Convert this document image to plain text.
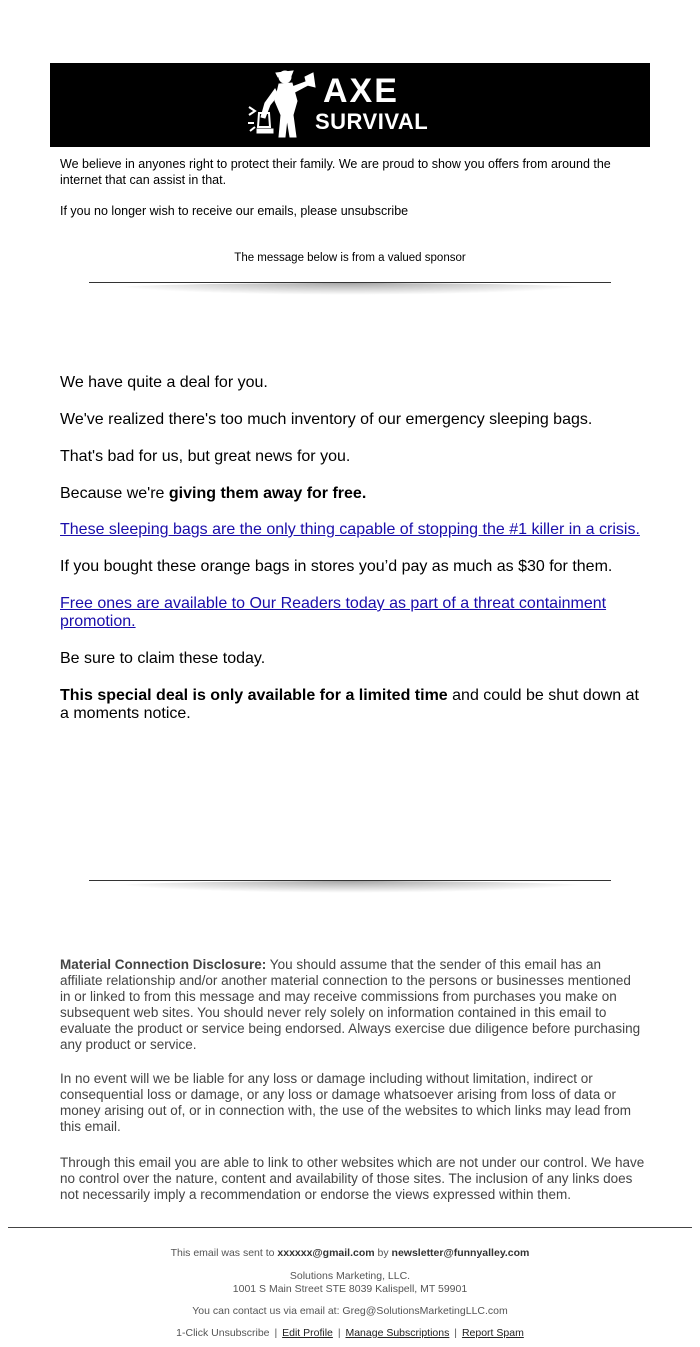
AXE
SURVIVAL

We believe in anyones right to protect their family. We are proud to show you offers from around the internet that can assist in that.

If you no longer wish to receive our emails, please unsubscribe
The message below is from a valued sponsor
We have quite a deal for you.
We've realized there's too much inventory of our emergency sleeping bags.
That's bad for us, but great news for you.
Because we're giving them away for free.
These sleeping bags are the only thing capable of stopping the #1 killer in a crisis.
If you bought these orange bags in stores you’d pay as much as $30 for them.
Free ones are available to Our Readers today as part of a threat containment promotion.
Be sure to claim these today.
This special deal is only available for a limited time and could be shut down at a moments notice.
Material Connection Disclosure: You should assume that the sender of this email has an affiliate relationship and/or another material connection to the persons or businesses mentioned in or linked to from this message and may receive commissions from purchases you make on subsequent web sites. You should never rely solely on information contained in this email to evaluate the product or service being endorsed. Always exercise due diligence before purchasing any product or service.
In no event will we be liable for any loss or damage including without limitation, indirect or consequential loss or damage, or any loss or damage whatsoever arising from loss of data or money arising out of, or in connection with, the use of the websites to which links may lead from this email.
Through this email you are able to link to other websites which are not under our control. We have no control over the nature, content and availability of those sites. The inclusion of any links does not necessarily imply a recommendation or endorse the views expressed within them.
This email was sent to xxxxxx@gmail.com by newsletter@funnyalley.com
Solutions Marketing, LLC.
1001 S Main Street STE 8039 Kalispell, MT 59901
You can contact us via email at: Greg@SolutionsMarketingLLC.com
1-Click Unsubscribe | Edit Profile | Manage Subscriptions | Report Spam
